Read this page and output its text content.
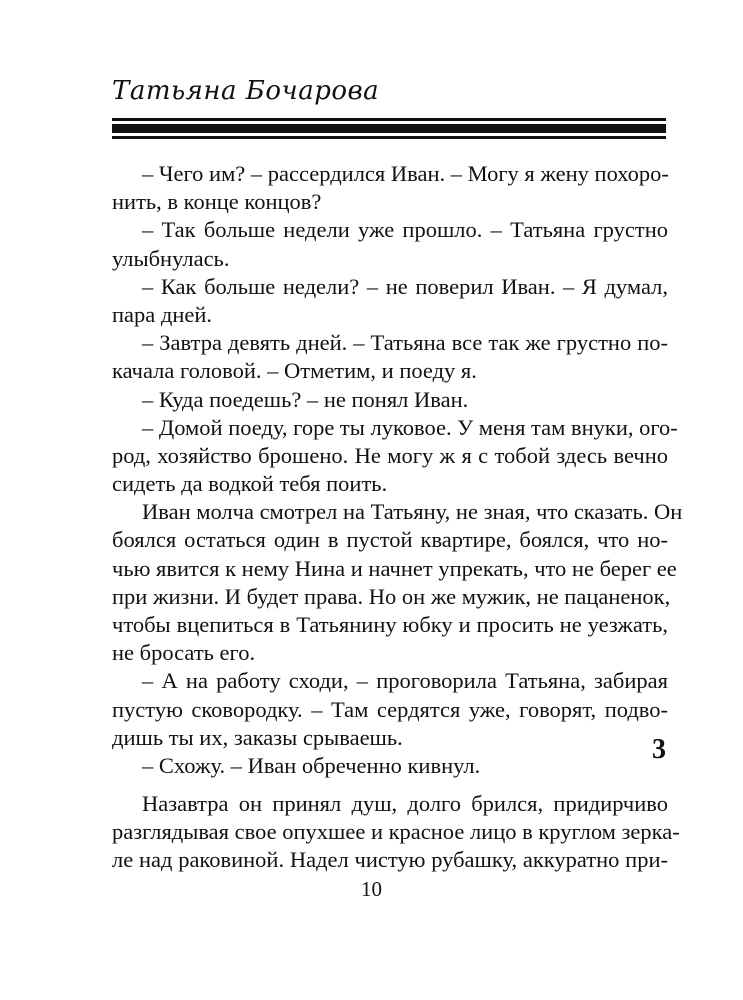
Татьяна Бочарова
– Чего им? – рассердился Иван. – Могу я жену похоро-
нить, в конце концов?
– Так больше недели уже прошло. – Татьяна грустно
улыбнулась.
– Как больше недели? – не поверил Иван. – Я думал,
пара дней.
– Завтра девять дней. – Татьяна все так же грустно по-
качала головой. – Отметим, и поеду я.
– Куда поедешь? – не понял Иван.
– Домой поеду, горе ты луковое. У меня там внуки, ого-
род, хозяйство брошено. Не могу ж я с тобой здесь вечно
сидеть да водкой тебя поить.
Иван молча смотрел на Татьяну, не зная, что сказать. Он
боялся остаться один в пустой квартире, боялся, что но-
чью явится к нему Нина и начнет упрекать, что не берег ее
при жизни. И будет права. Но он же мужик, не пацаненок,
чтобы вцепиться в Татьянину юбку и просить не уезжать,
не бросать его.
– А на работу сходи, – проговорила Татьяна, забирая
пустую сковородку. – Там сердятся уже, говорят, подво-
дишь ты их, заказы срываешь.
– Схожу. – Иван обреченно кивнул.
3
Назавтра он принял душ, долго брился, придирчиво
разглядывая свое опухшее и красное лицо в круглом зерка-
ле над раковиной. Надел чистую рубашку, аккуратно при-
10
